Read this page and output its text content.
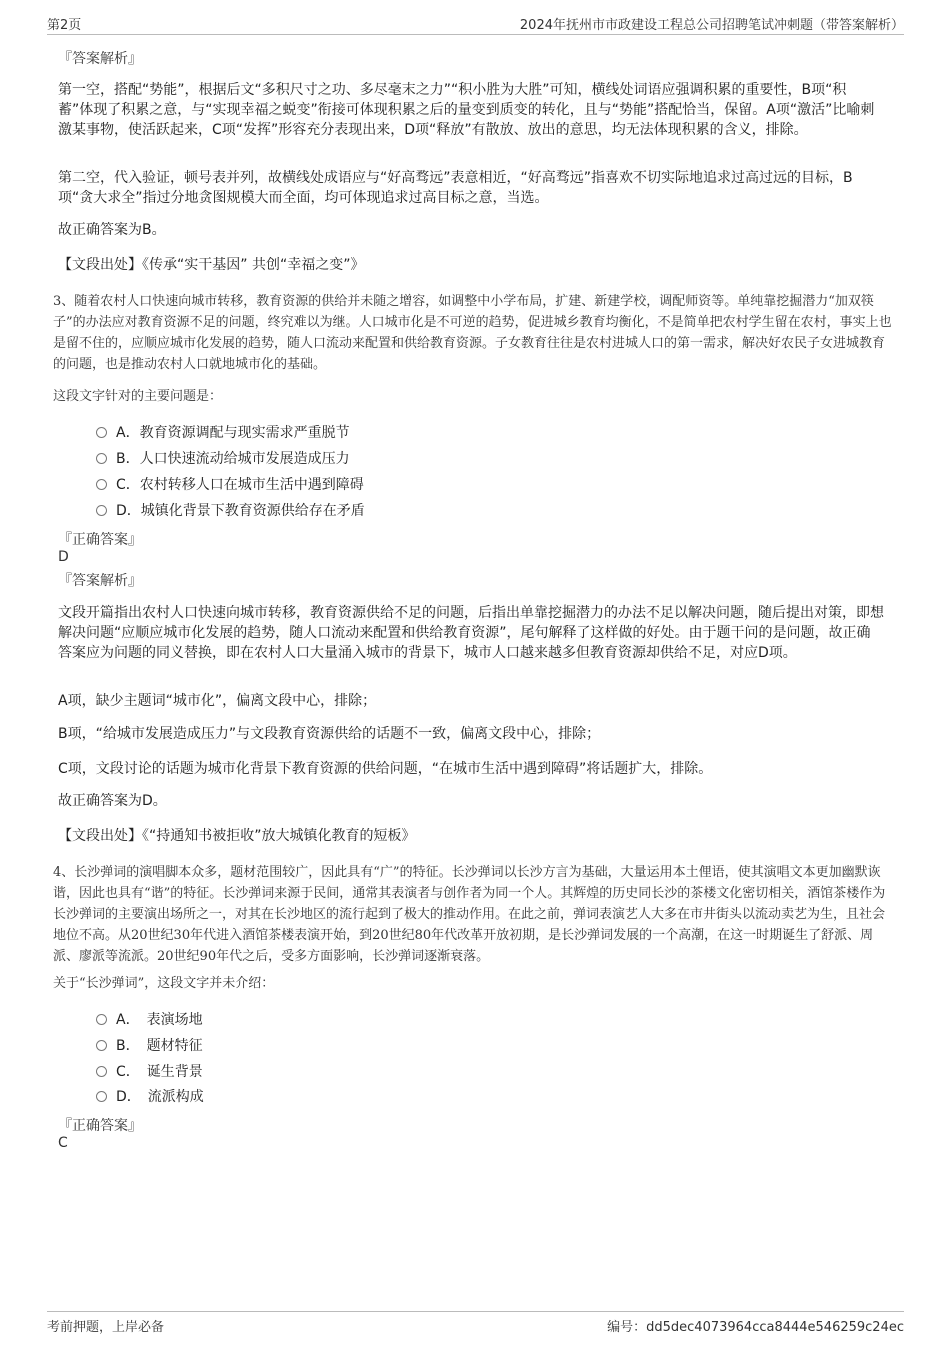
第2页	2024年抚州市市政建设工程总公司招聘笔试冲刺题（带答案解析）
『答案解析』
第一空，搭配“势能”，根据后文“多积尺寸之功、多尽毫末之力”“积小胜为大胜”可知，横线处词语应强调积累的重要性，B项“积蓄”体现了积累之意，与“实现幸福之蜕变”衔接可体现积累之后的量变到质变的转化，且与“势能”搭配恰当，保留。A项“激活”比喻刺激某事物，使活跃起来，C项“发挥”形容充分表现出来，D项“释放”有散放、放出的意思，均无法体现积累的含义，排除。
第二空，代入验证，顿号表并列，故横线处成语应与“好高骛远”表意相近，“好高骛远”指喜欢不切实际地追求过高过远的目标，B项“贪大求全”指过分地贪图规模大而全面，均可体现追求过高目标之意，当选。
故正确答案为B。
【文段出处】《传承“实干基因” 共创“幸福之变”》
3、随着农村人口快速向城市转移，教育资源的供给并未随之增容，如调整中小学布局，扩建、新建学校，调配师资等。单纯靠挖掘潜力“加双筷子”的办法应对教育资源不足的问题，终究难以为继。人口城市化是不可逆的趋势，促进城乡教育均衡化，不是简单把农村学生留在农村，事实上也是留不住的，应顺应城市化发展的趋势，随人口流动来配置和供给教育资源。子女教育往往是农村进城人口的第一需求，解决好农民子女进城教育的问题，也是推动农村人口就地城市化的基础。
这段文字针对的主要问题是：
A．教育资源调配与现实需求严重脱节
B．人口快速流动给城市发展造成压力
C．农村转移人口在城市生活中遇到障碍
D．城镇化背景下教育资源供给存在矛盾
『正确答案』
D
『答案解析』
文段开篇指出农村人口快速向城市转移，教育资源供给不足的问题，后指出单靠挖掘潜力的办法不足以解决问题，随后提出对策，即想解决问题“应顺应城市化发展的趋势，随人口流动来配置和供给教育资源”，尾句解释了这样做的好处。由于题干问的是问题，故正确答案应为问题的同义替换，即在农村人口大量涌入城市的背景下，城市人口越来越多但教育资源却供给不足，对应D项。
A项，缺少主题词“城市化”，偏离文段中心，排除；
B项，“给城市发展造成压力”与文段教育资源供给的话题不一致，偏离文段中心，排除；
C项，文段讨论的话题为城市化背景下教育资源的供给问题，“在城市生活中遇到障碍”将话题扩大，排除。
故正确答案为D。
【文段出处】《“持通知书被拒收”放大城镇化教育的短板》
4、长沙弹词的演唱脚本众多，题材范围较广，因此具有“广”的特征。长沙弹词以长沙方言为基础，大量运用本土俚语，使其演唱文本更加幽默诙谐，因此也具有“谐”的特征。长沙弹词来源于民间，通常其表演者与创作者为同一个人。其辉煌的历史同长沙的茶楼文化密切相关，酒馆茶楼作为长沙弹词的主要演出场所之一，对其在长沙地区的流行起到了极大的推动作用。在此之前，弹词表演艺人大多在市井街头以流动卖艺为生，且社会地位不高。从20世纪30年代进入酒馆茶楼表演开始，到20世纪80年代改革开放初期，是长沙弹词发展的一个高潮，在这一时期诞生了舒派、周派、廖派等流派。20世纪90年代之后，受多方面影响，长沙弹词逐渐衰落。
关于“长沙弹词”，这段文字并未介绍：
A．　表演场地
B．　题材特征
C．　诞生背景
D．　流派构成
『正确答案』
C
考前押题，上岸必备	编号：dd5dec4073964cca8444e546259c24ec
